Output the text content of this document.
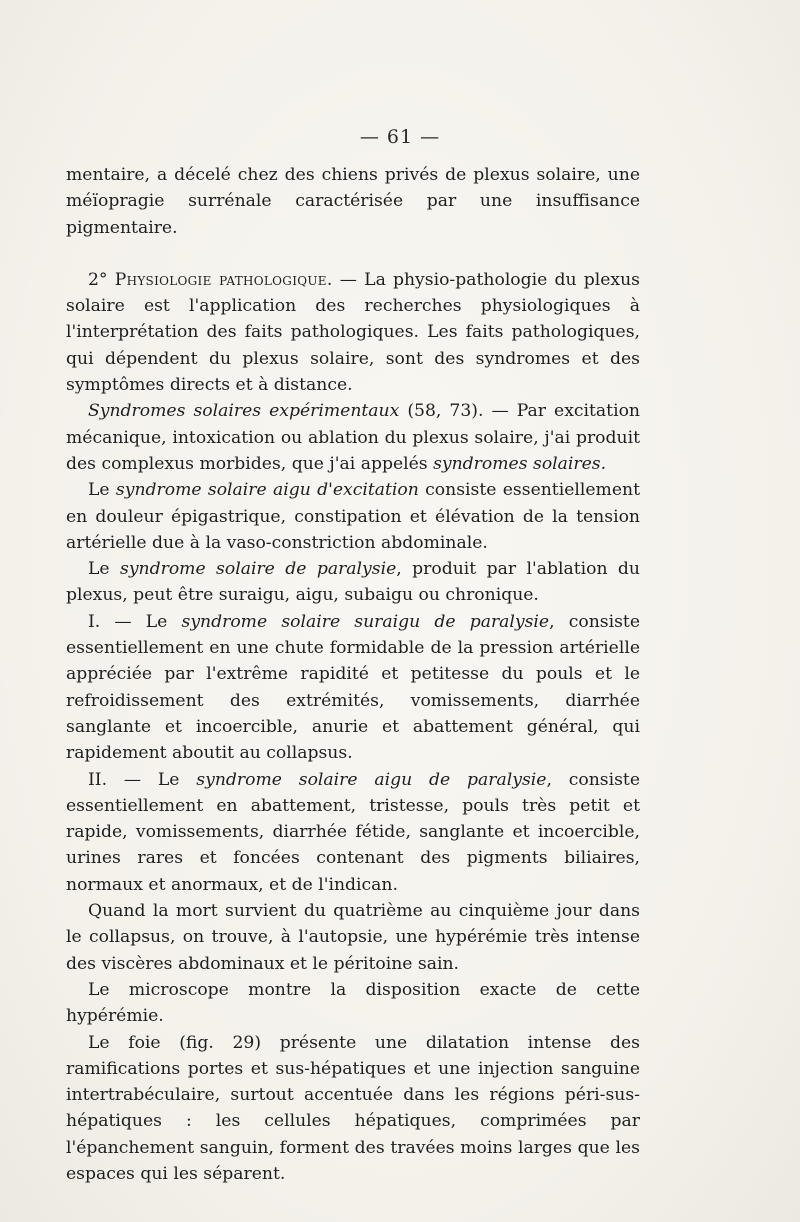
— 61 —

mentaire, a décelé chez des chiens privés de plexus solaire, une méïopragie surrénale caractérisée par une insuffisance pigmentaire.

2° Physiologie pathologique. — La physio-pathologie du plexus solaire est l'application des recherches physiologiques à l'interprétation des faits pathologiques. Les faits pathologiques, qui dépendent du plexus solaire, sont des syndromes et des symptômes directs et à distance.

Syndromes solaires expérimentaux (58, 73). — Par excitation mécanique, intoxication ou ablation du plexus solaire, j'ai produit des complexus morbides, que j'ai appelés syndromes solaires.

Le syndrome solaire aigu d'excitation consiste essentiellement en douleur épigastrique, constipation et élévation de la tension artérielle due à la vaso-constriction abdominale.

Le syndrome solaire de paralysie, produit par l'ablation du plexus, peut être suraigu, aigu, subaigu ou chronique.

I. — Le syndrome solaire suraigu de paralysie, consiste essentiellement en une chute formidable de la pression artérielle appréciée par l'extrême rapidité et petitesse du pouls et le refroidissement des extrémités, vomissements, diarrhée sanglante et incoercible, anurie et abattement général, qui rapidement aboutit au collapsus.

II. — Le syndrome solaire aigu de paralysie, consiste essentiellement en abattement, tristesse, pouls très petit et rapide, vomissements, diarrhée fétide, sanglante et incoercible, urines rares et foncées contenant des pigments biliaires, normaux et anormaux, et de l'indican.

Quand la mort survient du quatrième au cinquième jour dans le collapsus, on trouve, à l'autopsie, une hypérémie très intense des viscères abdominaux et le péritoine sain.

Le microscope montre la disposition exacte de cette hypérémie.

Le foie (fig. 29) présente une dilatation intense des ramifications portes et sus-hépatiques et une injection sanguine intertrabéculaire, surtout accentuée dans les régions péri-sus-hépatiques : les cellules hépatiques, comprimées par l'épanchement sanguin, forment des travées moins larges que les espaces qui les séparent.
